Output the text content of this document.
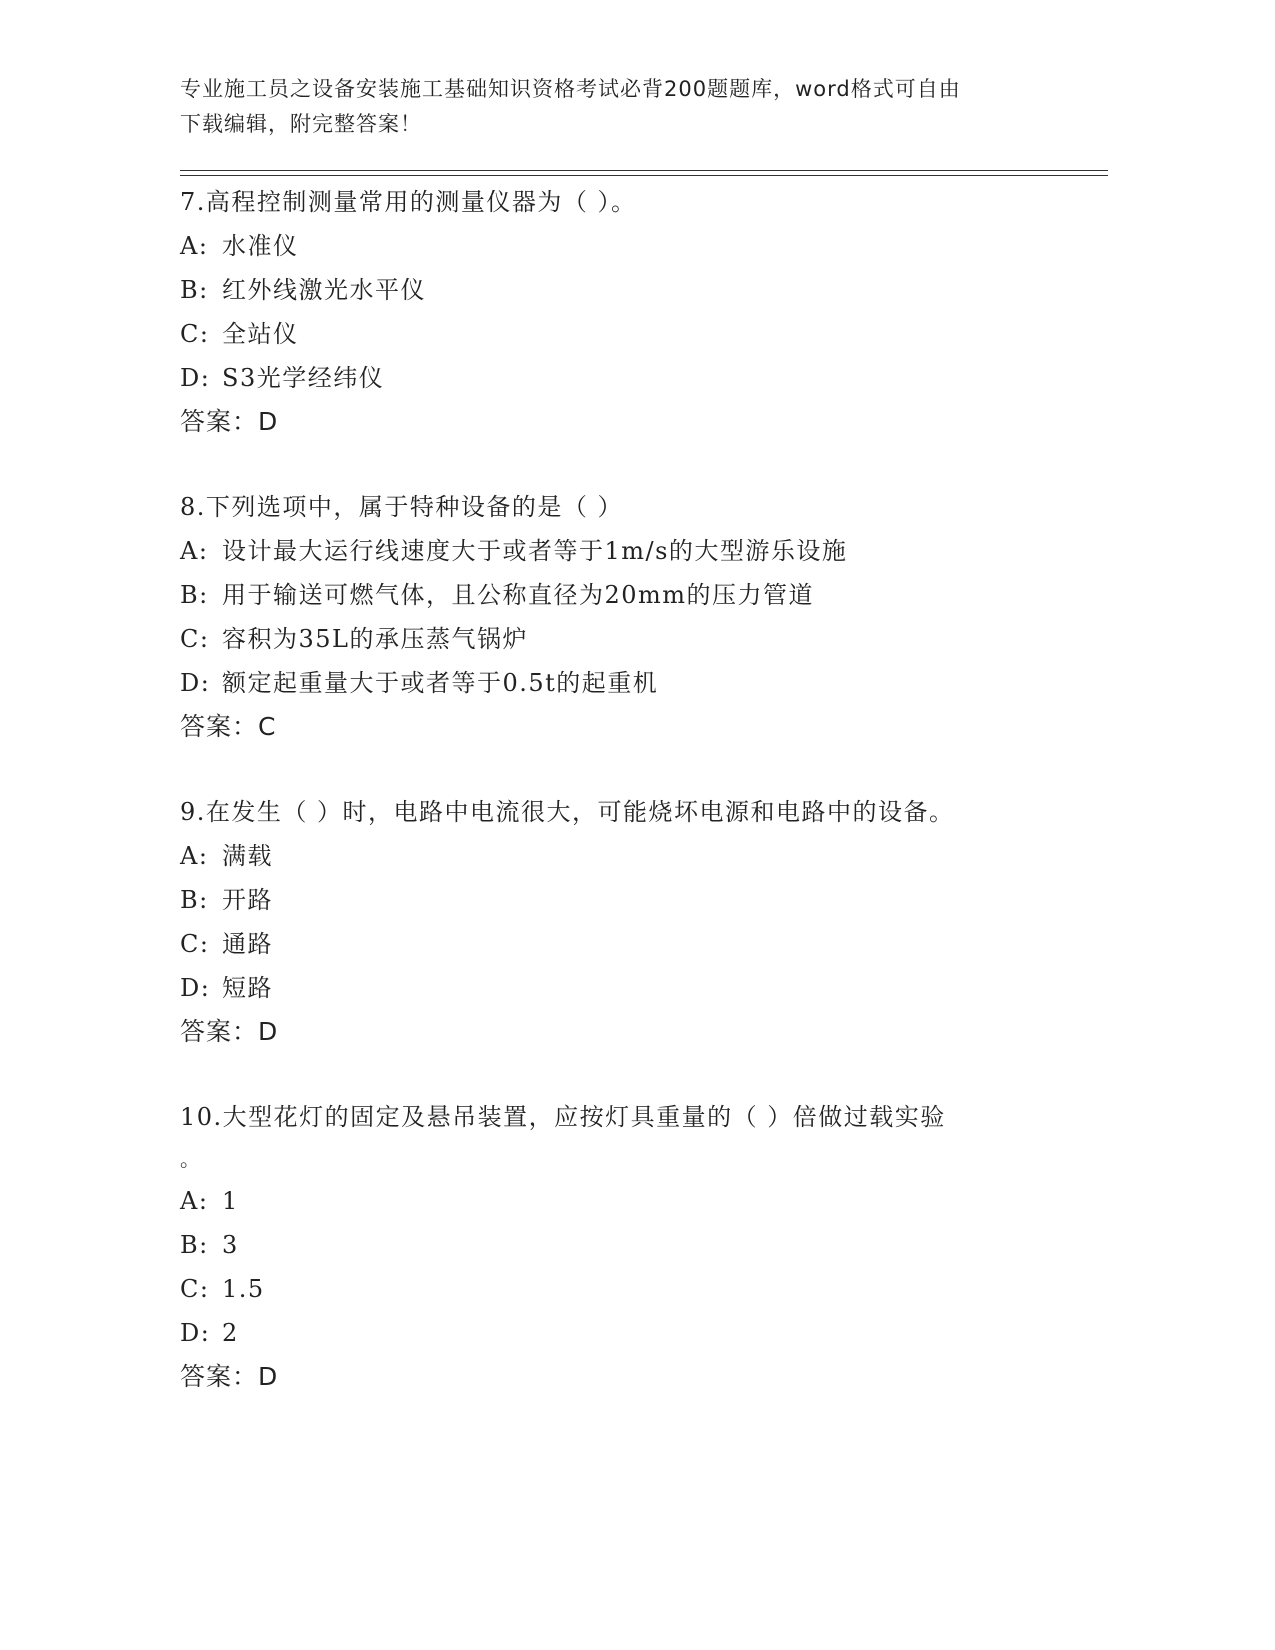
专业施工员之设备安装施工基础知识资格考试必背200题题库，word格式可自由
下载编辑，附完整答案！
7.高程控制测量常用的测量仪器为（ ）。
A: 水准仪
B: 红外线激光水平仪
C: 全站仪
D: S3光学经纬仪
答案：D
8.下列选项中，属于特种设备的是（ ）
A: 设计最大运行线速度大于或者等于1m/s的大型游乐设施
B: 用于输送可燃气体，且公称直径为20mm的压力管道
C: 容积为35L的承压蒸气锅炉
D: 额定起重量大于或者等于0.5t的起重机
答案：C
9.在发生（ ）时，电路中电流很大，可能烧坏电源和电路中的设备。
A: 满载
B: 开路
C: 通路
D: 短路
答案：D
10.大型花灯的固定及悬吊装置，应按灯具重量的（ ）倍做过载实验
。
A: 1
B: 3
C: 1.5
D: 2
答案：D
